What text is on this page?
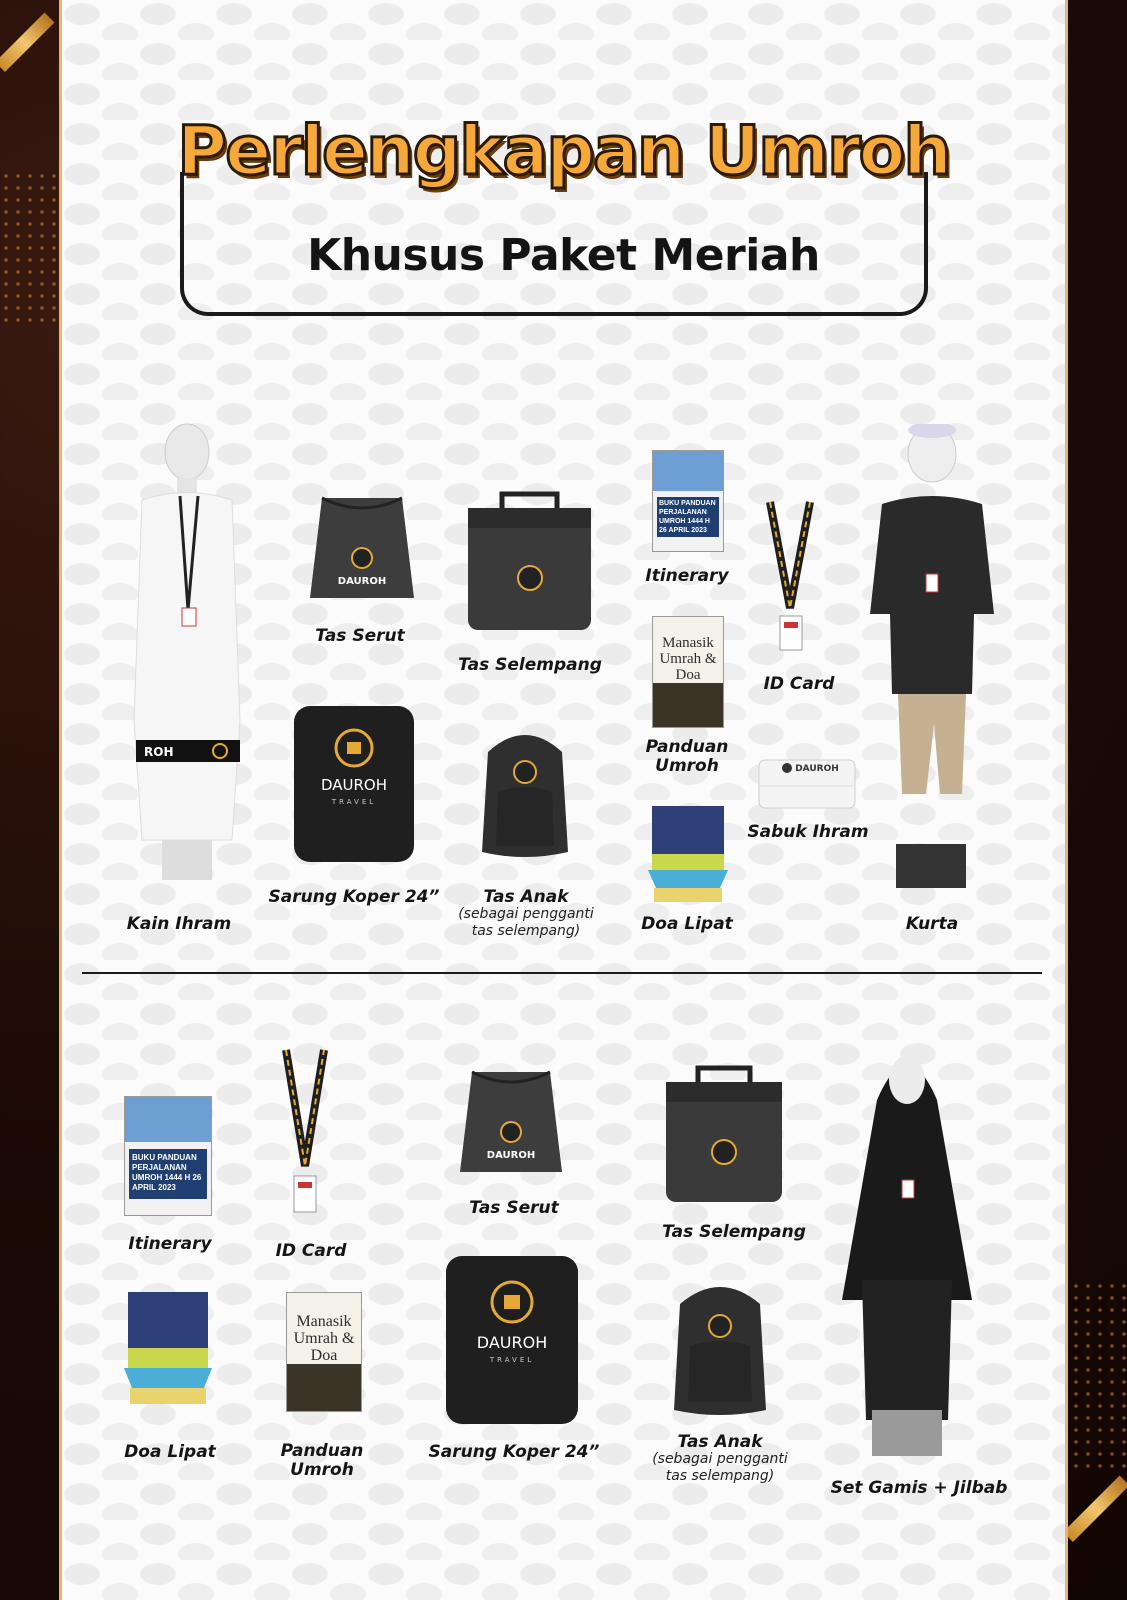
Perlengkapan Umroh
Khusus Paket Meriah
ROH
Kain Ihram
DAUROH
Tas Serut
Tas Selempang
BUKU PANDUAN PERJALANAN UMROH 1444 H 26 APRIL 2023
Itinerary
ID Card
Kurta
Manasik Umrah & Doa
Panduan
Umroh	DAUROH
Sabuk Ihram
DAUROH
TRAVEL
Sarung Koper 24”	Tas Anak
(sebagai pengganti
tas selempang)	Doa Lipat
BUKU PANDUAN PERJALANAN UMROH 1444 H 26 APRIL 2023
Itinerary	ID Card
DAUROH
Tas Serut
Tas Selempang
Set Gamis + Jilbab
Doa Lipat
Manasik Umrah & Doa
Panduan
Umroh
DAUROH
TRAVEL
Sarung Koper 24”	Tas Anak
(sebagai pengganti
tas selempang)
